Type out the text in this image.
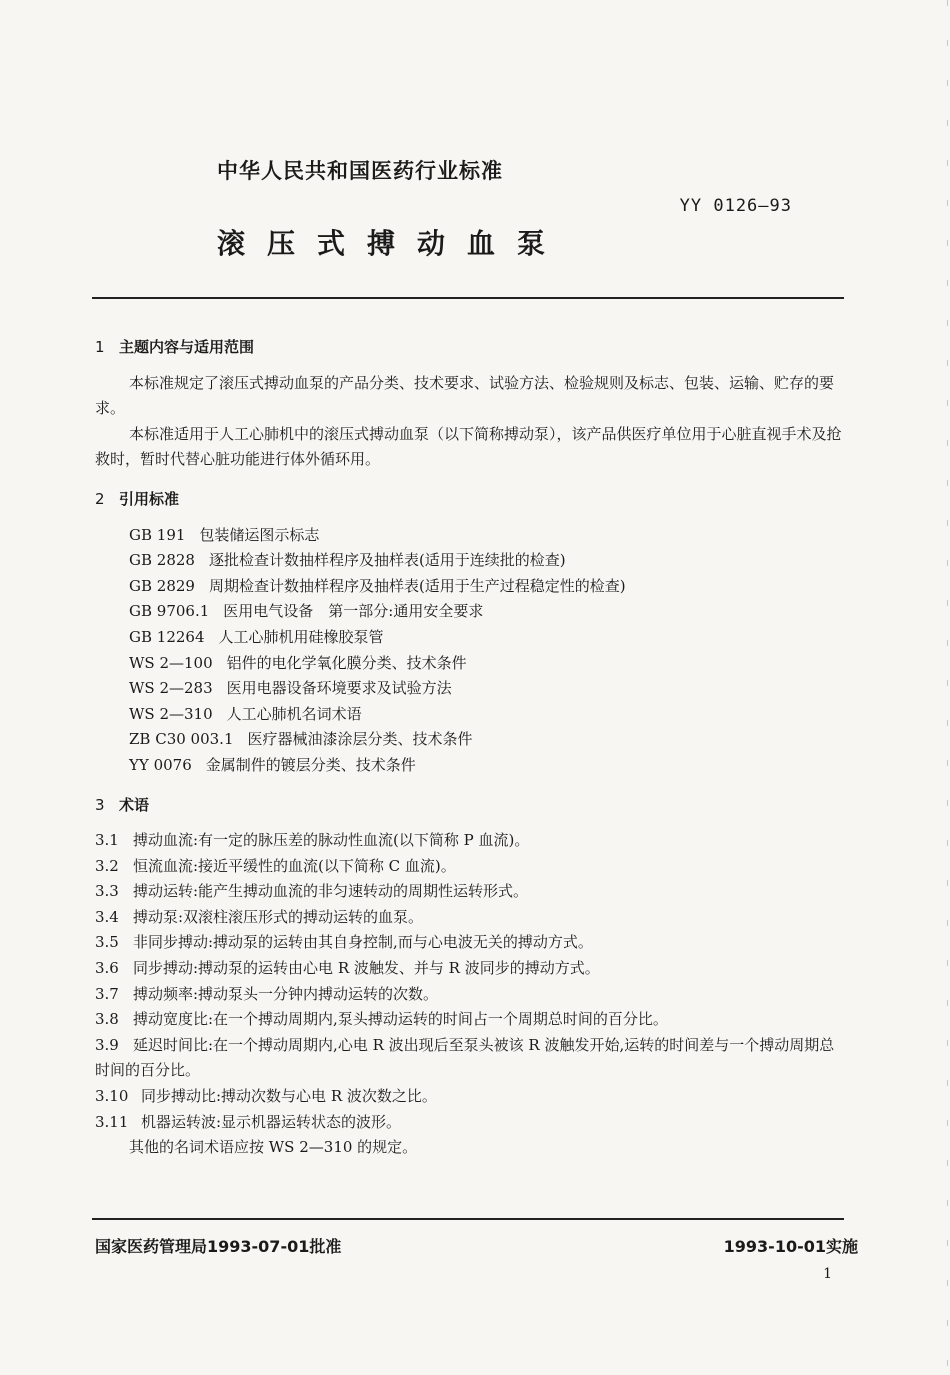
中华人民共和国医药行业标准
YY 0126—93
滚压式搏动血泵

1 主题内容与适用范围

本标准规定了滚压式搏动血泵的产品分类、技术要求、试验方法、检验规则及标志、包装、运输、贮存的要求。

本标准适用于人工心肺机中的滚压式搏动血泵（以下简称搏动泵），该产品供医疗单位用于心脏直视手术及抢救时，暂时代替心脏功能进行体外循环用。

2 引用标准

GB 191 包装储运图示标志
GB 2828 逐批检查计数抽样程序及抽样表(适用于连续批的检查)
GB 2829 周期检查计数抽样程序及抽样表(适用于生产过程稳定性的检查)
GB 9706.1 医用电气设备　第一部分:通用安全要求
GB 12264 人工心肺机用硅橡胶泵管
WS 2—100 铝件的电化学氧化膜分类、技术条件
WS 2—283 医用电器设备环境要求及试验方法
WS 2—310 人工心肺机名词术语
ZB C30 003.1 医疗器械油漆涂层分类、技术条件
YY 0076 金属制件的镀层分类、技术条件

3 术语

3.1 搏动血流:有一定的脉压差的脉动性血流(以下简称 P 血流)。
3.2 恒流血流:接近平缓性的血流(以下简称 C 血流)。
3.3 搏动运转:能产生搏动血流的非匀速转动的周期性运转形式。
3.4 搏动泵:双滚柱滚压形式的搏动运转的血泵。
3.5 非同步搏动:搏动泵的运转由其自身控制,而与心电波无关的搏动方式。
3.6 同步搏动:搏动泵的运转由心电 R 波触发、并与 R 波同步的搏动方式。
3.7 搏动频率:搏动泵头一分钟内搏动运转的次数。
3.8 搏动宽度比:在一个搏动周期内,泵头搏动运转的时间占一个周期总时间的百分比。
3.9 延迟时间比:在一个搏动周期内,心电 R 波出现后至泵头被该 R 波触发开始,运转的时间差与一个搏动周期总时间的百分比。
3.10 同步搏动比:搏动次数与心电 R 波次数之比。
3.11 机器运转波:显示机器运转状态的波形。

其他的名词术语应按 WS 2—310 的规定。

国家医药管理局1993-07-01批准	1993-10-01实施
1
